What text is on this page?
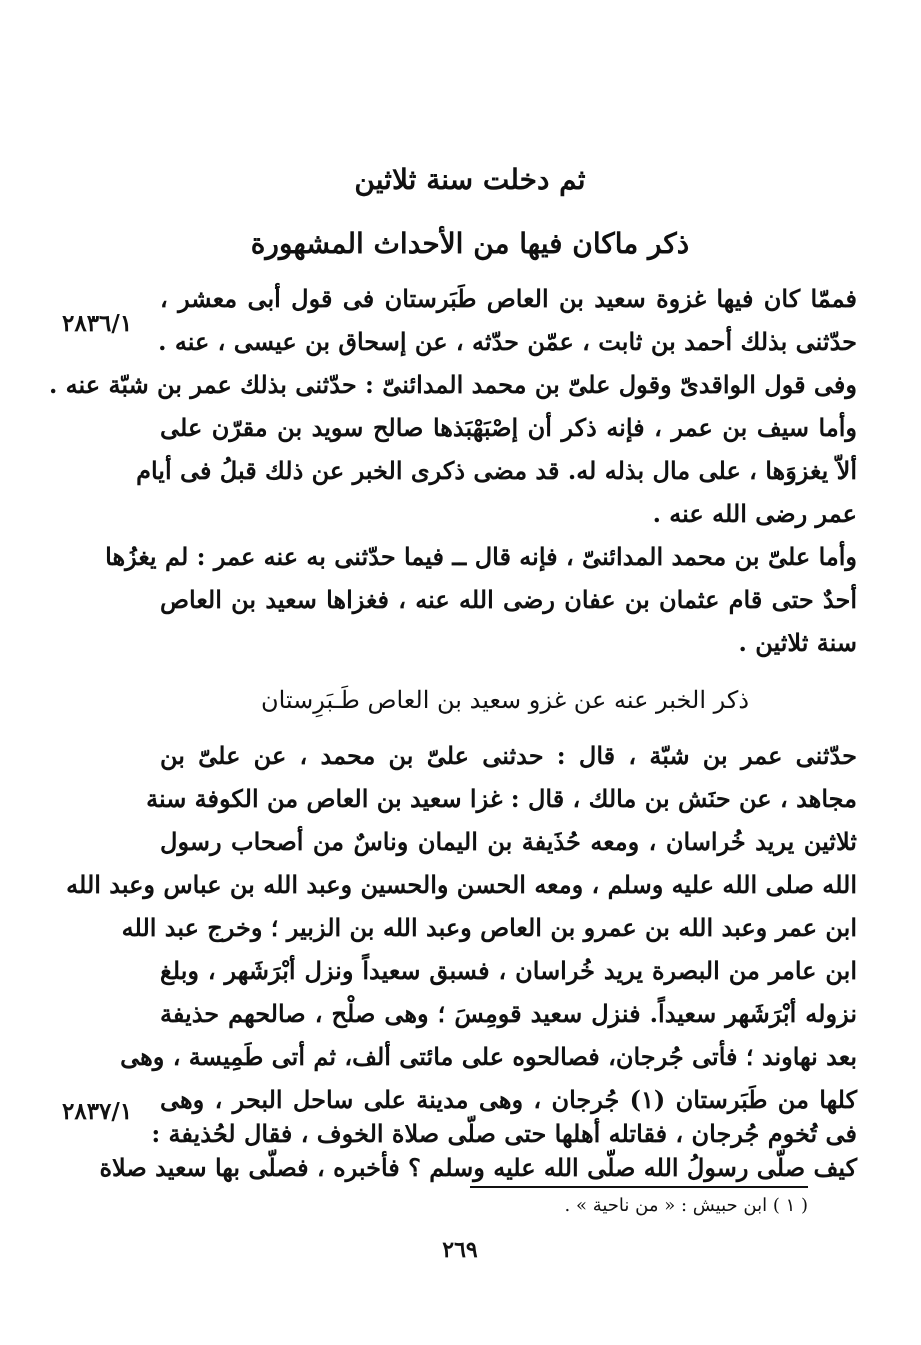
ثم دخلت سنة ثلاثين
ذكر ماكان فيها من الأحداث المشهورة
٢٨٣٦/١
٢٨٣٧/١
فممّا كان فيها غزوة سعيد بن العاص طَبَرستان فى قول أبى معشر ،
حدّثنى بذلك أحمد بن ثابت ، عمّن حدّثه ، عن إسحاق بن عيسى ، عنه .
وفى قول الواقدىّ وقول علىّ بن محمد المدائنىّ : حدّثنى بذلك عمر بن شبّة عنه .
وأما سيف بن عمر ، فإنه ذكر أن إصْبَهْبَذها صالح سويد بن مقرّن على
ألاّ يغزوَها ، على مال بذله له. قد مضى ذكرى الخبر عن ذلك قبلُ فى أيام
عمر رضى الله عنه .
وأما علىّ بن محمد المدائنىّ ، فإنه قال ــ فيما حدّثنى به عنه عمر : لم يغزُها
أحدٌ حتى قام عثمان بن عفان رضى الله عنه ، فغزاها سعيد بن العاص
سنة ثلاثين .
ذكر الخبر عنه عن غزو سعيد بن العاص طَـبَرِستان
حدّثنى عمر بن شبّة ، قال : حدثنى علىّ بن محمد ، عن علىّ بن
مجاهد ، عن حنَش بن مالك ، قال : غزا سعيد بن العاص من الكوفة سنة
ثلاثين يريد خُراسان ، ومعه حُذَيفة بن اليمان وناسٌ من أصحاب رسول
الله صلى الله عليه وسلم ، ومعه الحسن والحسين وعبد الله بن عباس وعبد الله
ابن عمر وعبد الله بن عمرو بن العاص وعبد الله بن الزبير ؛ وخرج عبد الله
ابن عامر من البصرة يريد خُراسان ، فسبق سعيداً ونزل أبْرَشَهر ، وبلغ
نزوله أبْرَشَهر سعيداً. فنزل سعيد قومِسَ ؛ وهى صلْح ، صالحهم حذيفة
بعد نهاوند ؛ فأتى جُرجان، فصالحوه على مائتى ألف، ثم أتى طَمِيسة ، وهى
كلها من طَبَرستان (١) جُرجان ، وهى مدينة على ساحل البحر ، وهى
فى تُخوم جُرجان ، فقاتله أهلها حتى صلّى صلاة الخوف ، فقال لحُذيفة :
كيف صلّى رسولُ الله صلّى الله عليه وسلم ؟ فأخبره ، فصلّى بها سعيد صلاة
( ١ ) ابن حبيش : « من ناحية » .
٢٦٩
